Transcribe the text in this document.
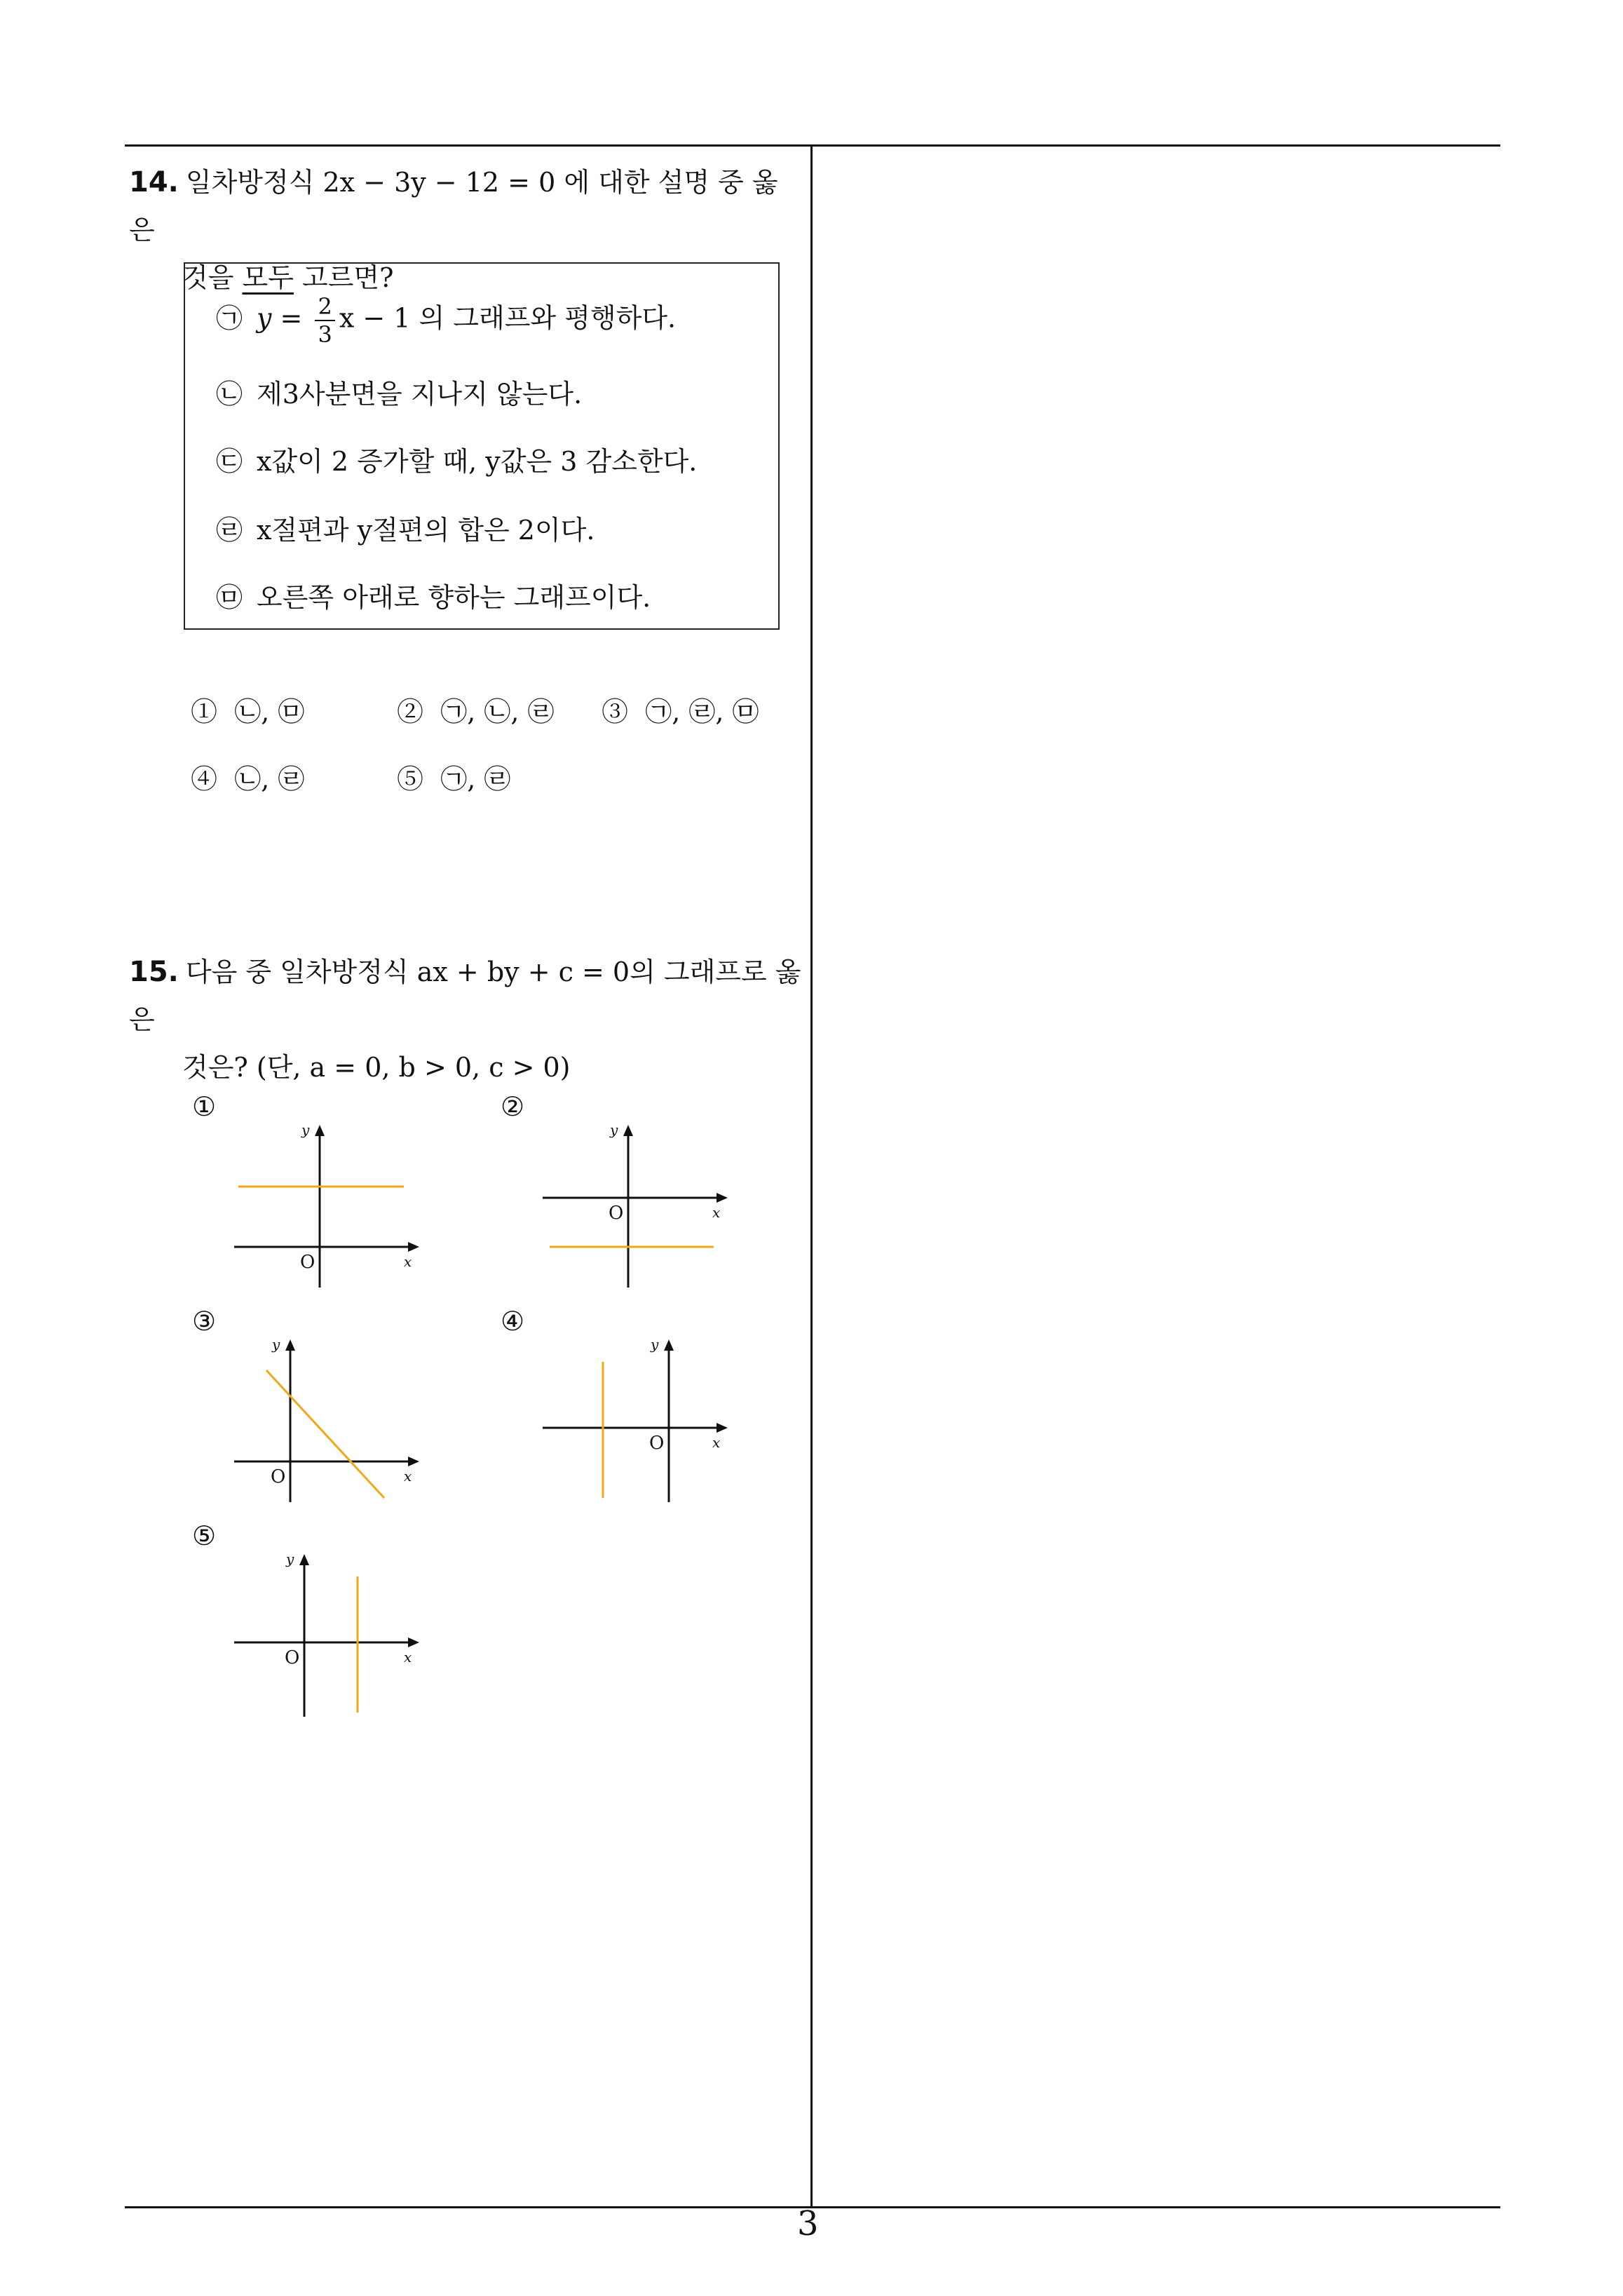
3
14. 일차방정식 2x − 3y − 12 = 0 에 대한 설명 중 옳은
것을 모두 고르면?
㉠ $y = \frac{2}{3}$ x − 1 의 그래프와 평행하다.
㉡ 제3사분면을 지나지 않는다.
㉢ x값이 2 증가할 때, y값은 3 감소한다.
㉣ x절편과 y절편의 합은 2이다.
㉤ 오른쪽 아래로 향하는 그래프이다.
① ㉡, ㉤	② ㉠, ㉡, ㉣ ③ ㉠, ㉣, ㉤
④ ㉡, ㉣	⑤ ㉠, ㉣
15. 다음 중 일차방정식 ax + by + c = 0의 그래프로 옳은
것은? (단, a = 0, b > 0, c > 0)
①	②
③	④
⑤
x
y
O
x
y
O
x
y
O
x
y
O
x
y
O
